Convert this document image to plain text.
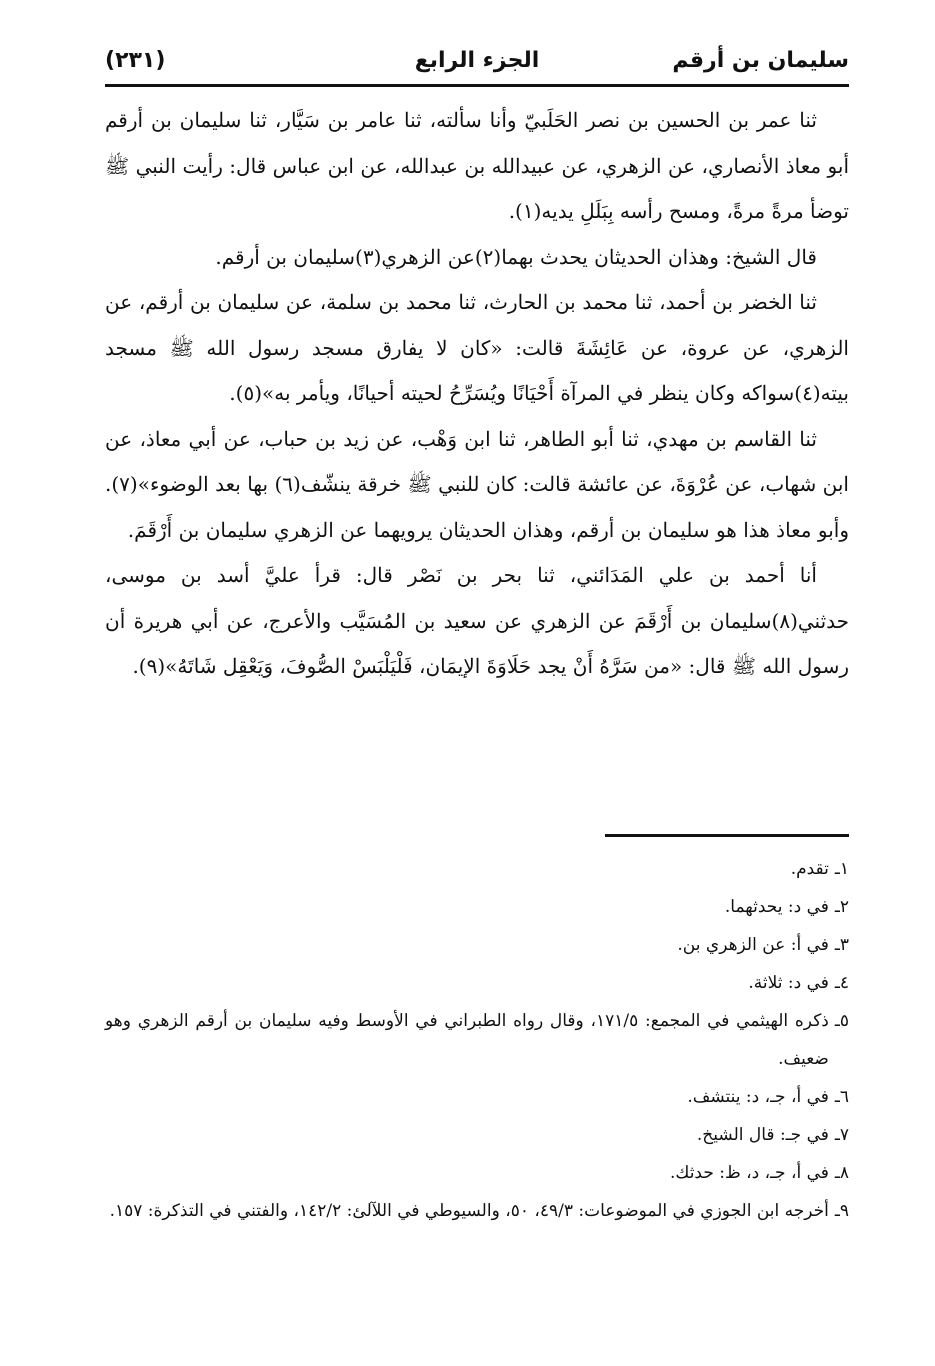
سليمان بن أرقم
الجزء الرابع
(٢٣١)

ثنا عمر بن الحسين بن نصر الحَلَبيّ وأنا سألته، ثنا عامر بن سَيَّار، ثنا سليمان بن أرقم أبو معاذ الأنصاري، عن الزهري، عن عبيدالله بن عبدالله، عن ابن عباس قال: رأيت النبي ﷺ توضأ مرةً مرةً، ومسح رأسه بِبَلَلِ يديه(١).

قال الشيخ: وهذان الحديثان يحدث بهما(٢)عن الزهري(٣)سليمان بن أرقم.

ثنا الخضر بن أحمد، ثنا محمد بن الحارث، ثنا محمد بن سلمة، عن سليمان بن أرقم، عن الزهري، عن عروة، عن عَائِشَةَ قالت: «كان لا يفارق مسجد رسول الله ﷺ مسجد بيته(٤)سواكه وكان ينظر في المرآة أَحْيَانًا ويُسَرِّحُ لحيته أحيانًا، ويأمر به»(٥).

ثنا القاسم بن مهدي، ثنا أبو الطاهر، ثنا ابن وَهْب، عن زيد بن حباب، عن أبي معاذ، عن ابن شهاب، عن عُرْوَةَ، عن عائشة قالت: كان للنبي ﷺ خرقة ينشّف(٦) بها بعد الوضوء»(٧). وأبو معاذ هذا هو سليمان بن أرقم، وهذان الحديثان يرويهما عن الزهري سليمان بن أَرْقَمَ.

أنا أحمد بن علي المَدَائني، ثنا بحر بن نَصْر قال: قرأ عليَّ أسد بن موسى، حدثني(٨)سليمان بن أَرْقَمَ عن الزهري عن سعيد بن المُسَيَّب والأعرج، عن أبي هريرة أن رسول الله ﷺ قال: «من سَرَّهُ أَنْ يجد حَلَاوَةَ الإيمَان، فَلْيَلْبَسْ الصُّوفَ، وَيَعْقِل شَاتَهُ»(٩).

١ـ
تقدم.
٢ـ
في د: يحدثهما.
٣ـ
في أ: عن الزهري بن.
٤ـ
في د: ثلاثة.
٥ـ
ذكره الهيثمي في المجمع: ١٧١/٥، وقال رواه الطبراني في الأوسط وفيه سليمان بن أرقم الزهري وهو ضعيف.
٦ـ
في أ، جـ، د: ينتشف.
٧ـ
في جـ: قال الشيخ.
٨ـ
في أ، جـ، د، ظ: حدثك.
٩ـ
أخرجه ابن الجوزي في الموضوعات: ٤٩/٣، ٥٠، والسيوطي في اللآلئ: ١٤٢/٢، والفتني في التذكرة: ١٥٧.
